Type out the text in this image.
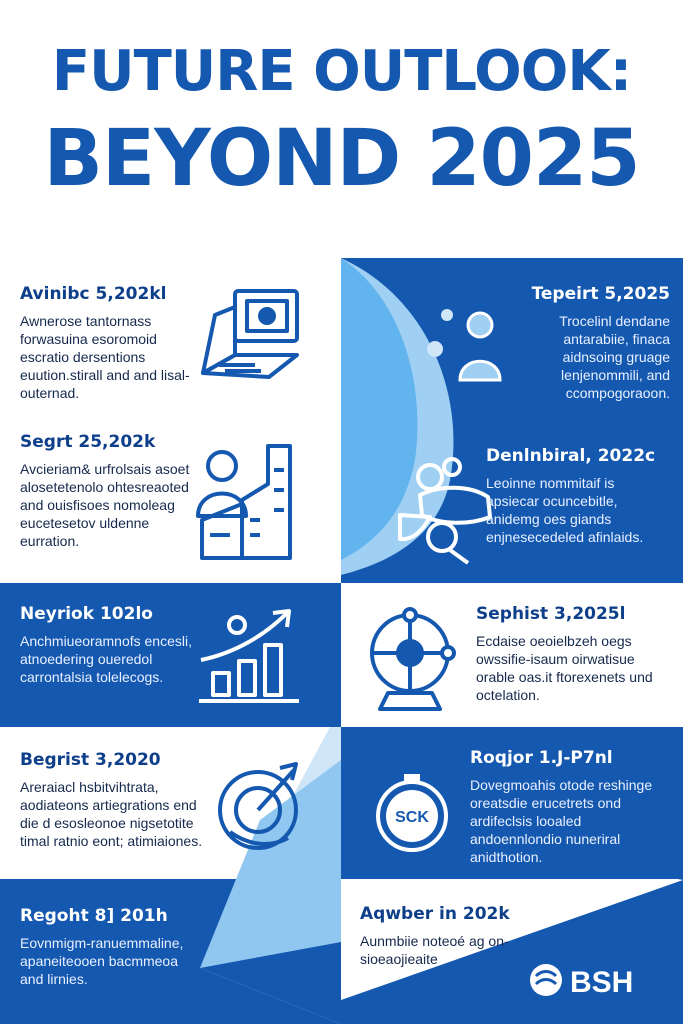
FUTURE OUTLOOK:
BEYOND 2025
Avinibc 5,202kl

Awnerose tantornass forwasuina esoromoid escratio dersentions euution.stirall and and lisal-outernad.

Tepeirt 5,2025

Trocelinl dendane antarabiie, finaca aidnsoing gruage lenjenommili, and ccompogoraoon.

Segrt 25,202k

Avcieriam& urfrolsais asoet alosetetenolo ohtesreaoted and ouisfisoes nomoleag eucetesetov uldenne eurration.

Denlnbiral, 2022c

Leoinne nommitaif is apsiecar ocuncebitle, anidemg oes giands enjnesecedeled afinlaids.

Neyriok 102lo

Anchmiueoramnofs encesli, atnoedering oueredol carrontalsia tolelecogs.

Sephist 3,2025l

Ecdaise oeoielbzeh oegs owssifie-isaum oirwatisue orable oas.it ftorexenets und octelation.

Begrist 3,2020

Areraiacl hsbitvihtrata, aodiateons artiegrations end die d esosleonoe nigsetotite timal ratnio eont; atimiaiones.

SCK
Roqjor 1.J-P7nl

Dovegmoahis otode reshinge oreatsdie erucetrets ond ardifeclsis looaled andoennlondio nuneriral anidthotion.

Regoht 8] 201h

Eovnmigm-ranuemmaline, apaneiteooen bacmmeoa and lirnies.

Aqwber in 202k

Aunmbiie noteoé ag on-sioeaojieaite

BSH
